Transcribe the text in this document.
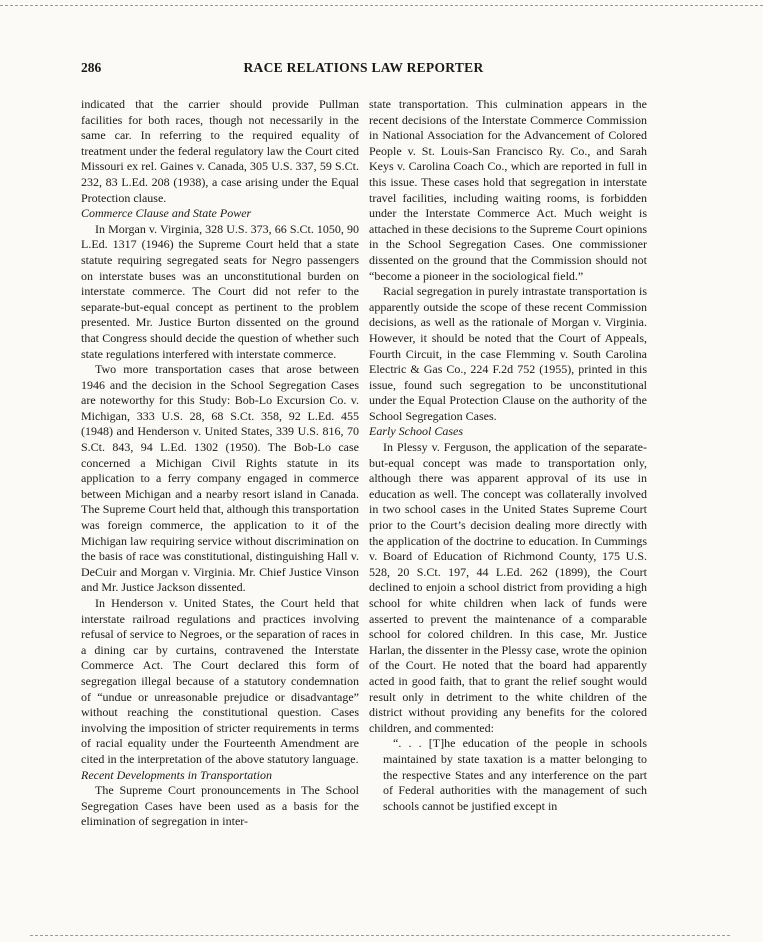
286	RACE RELATIONS LAW REPORTER

indicated that the carrier should provide Pullman facilities for both races, though not necessarily in the same car. In referring to the required equality of treatment under the federal regulatory law the Court cited Missouri ex rel. Gaines v. Canada, 305 U.S. 337, 59 S.Ct. 232, 83 L.Ed. 208 (1938), a case arising under the Equal Protection clause.

Commerce Clause and State Power

In Morgan v. Virginia, 328 U.S. 373, 66 S.Ct. 1050, 90 L.Ed. 1317 (1946) the Supreme Court held that a state statute requiring segregated seats for Negro passengers on interstate buses was an unconstitutional burden on interstate commerce. The Court did not refer to the separate-but-equal concept as pertinent to the problem presented. Mr. Justice Burton dissented on the ground that Congress should decide the question of whether such state regulations interfered with interstate commerce.

Two more transportation cases that arose between 1946 and the decision in the School Segregation Cases are noteworthy for this Study: Bob-Lo Excursion Co. v. Michigan, 333 U.S. 28, 68 S.Ct. 358, 92 L.Ed. 455 (1948) and Henderson v. United States, 339 U.S. 816, 70 S.Ct. 843, 94 L.Ed. 1302 (1950). The Bob-Lo case concerned a Michigan Civil Rights statute in its application to a ferry company engaged in commerce between Michigan and a nearby resort island in Canada. The Supreme Court held that, although this transportation was foreign commerce, the application to it of the Michigan law requiring service without discrimination on the basis of race was constitutional, distinguishing Hall v. DeCuir and Morgan v. Virginia. Mr. Chief Justice Vinson and Mr. Justice Jackson dissented.

In Henderson v. United States, the Court held that interstate railroad regulations and practices involving refusal of service to Negroes, or the separation of races in a dining car by curtains, contravened the Interstate Commerce Act. The Court declared this form of segregation illegal because of a statutory condemnation of “undue or unreasonable prejudice or disadvantage” without reaching the constitutional question. Cases involving the imposition of stricter requirements in terms of racial equality under the Fourteenth Amendment are cited in the interpretation of the above statutory language.

Recent Developments in Transportation

The Supreme Court pronouncements in The School Segregation Cases have been used as a basis for the elimination of segregation in inter-

state transportation. This culmination appears in the recent decisions of the Interstate Commerce Commission in National Association for the Advancement of Colored People v. St. Louis-San Francisco Ry. Co., and Sarah Keys v. Carolina Coach Co., which are reported in full in this issue. These cases hold that segregation in interstate travel facilities, including waiting rooms, is forbidden under the Interstate Commerce Act. Much weight is attached in these decisions to the Supreme Court opinions in the School Segregation Cases. One commissioner dissented on the ground that the Commission should not “become a pioneer in the sociological field.”

Racial segregation in purely intrastate transportation is apparently outside the scope of these recent Commission decisions, as well as the rationale of Morgan v. Virginia. However, it should be noted that the Court of Appeals, Fourth Circuit, in the case Flemming v. South Carolina Electric & Gas Co., 224 F.2d 752 (1955), printed in this issue, found such segregation to be unconstitutional under the Equal Protection Clause on the authority of the School Segregation Cases.

Early School Cases

In Plessy v. Ferguson, the application of the separate-but-equal concept was made to transportation only, although there was apparent approval of its use in education as well. The concept was collaterally involved in two school cases in the United States Supreme Court prior to the Court’s decision dealing more directly with the application of the doctrine to education. In Cummings v. Board of Education of Richmond County, 175 U.S. 528, 20 S.Ct. 197, 44 L.Ed. 262 (1899), the Court declined to enjoin a school district from providing a high school for white children when lack of funds were asserted to prevent the maintenance of a comparable school for colored children. In this case, Mr. Justice Harlan, the dissenter in the Plessy case, wrote the opinion of the Court. He noted that the board had apparently acted in good faith, that to grant the relief sought would result only in detriment to the white children of the district without providing any benefits for the colored children, and commented:

“. . . [T]he education of the people in schools maintained by state taxation is a matter belonging to the respective States and any interference on the part of Federal authorities with the management of such schools cannot be justified except in
